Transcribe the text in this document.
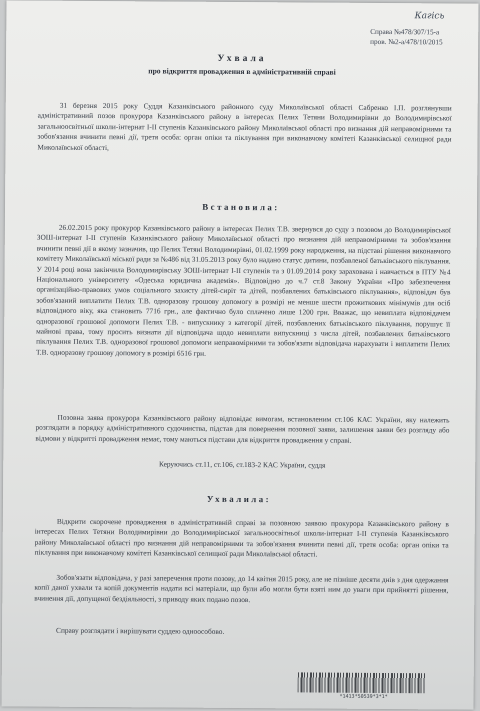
Кагісь
Справа №478/307/15-а
пров. №2-а/478/10/2015
Ухвала
про відкриття провадження в адміністративній справі
31 березня 2015 року Суддя Казанківського районного суду Миколаївської області Сабренко І.П. розглянувши адміністративний позов прокурора Казанківського району в інтересах Пелих Тетяни Володимирівни до Володимирівської загальноосвітньої школи-інтернат І-ІІ ступенів Казанківського району Миколаївської області про визнання дій неправомірними та зобов'язання вчинити певні дії, третя особа: орган опіки та піклування при виконавчому комітеті Казанківської селищної ради Миколаївської області,
Встановила:
26.02.2015 року прокурор Казанківського району в інтересах Пелих Т.В. звернувся до суду з позовом до Володимирівської ЗОШ-інтернат І-ІІ ступенів Казанківського району Миколаївської області про визнання дій неправомірними та зобов'язання вчинити певні дії в якому зазначив, що Пелих Тетяні Володимирівні, 01.02.1999 року народження, на підставі рішення виконавчого комітету Миколаївської міської ради за №486 від 31.05.2013 року було надано статус дитини, позбавленої батьківського піклування. У 2014 році вона закінчила Володимирівську ЗОШ-інтернат І-ІІ ступенів та з 01.09.2014 року зарахована і навчається в ПТУ №4 Національного університету «Одеська юридична академія». Відповідно до ч.7 ст.8 Закону України «Про забезпечення організаційно-правових умов соціального захисту дітей-сиріт та дітей, позбавлених батьківського піклування», відповідач був зобов'язаний виплатити Пелих Т.В. одноразову грошову допомогу в розмірі не менше шести прожиткових мінімумів для осіб відповідного віку, яка становить 7716 грн., але фактично було сплачено лише 1200 грн. Вважає, що невиплата відповідачем одноразової грошової допомоги Пелих Т.В. - випускнику з категорії дітей, позбавлених батьківського піклування, порушує її майнові права, тому просить визнати дії відповідача щодо невиплати випускниці з числа дітей, позбавлених батьківського піклування Пелих Т.В. одноразової грошової допомоги неправомірними та зобов'язати відповідача нарахувати і виплатити Пелих Т.В. одноразову грошову допомогу в розмірі 6516 грн.
Позовна заява прокурора Казанківського району відповідає вимогам, встановленим ст.106 КАС України, яку належить розглядати в порядку адміністративного судочинства, підстав для повернення позовної заяви, залишення заяви без розгляду або відмови у відкритті провадження немає, тому маються підстави для відкриття провадження у справі.
Керуючись ст.11, ст.106, ст.183-2 КАС України, суддя
Ухвалила:
Відкрити скорочене провадження в адміністративній справі за позовною заявою прокурора Казанківського району в інтересах Пелих Тетяни Володимирівни до Володимирівської загальноосвітньої школи-інтернат І-ІІ ступенів Казанківського району Миколаївської області про визнання дій неправомірними та зобов'язання вчинити певні дії, третя особа: орган опіки та піклування при виконавчому комітеті Казанківської селищної ради Миколаївської області.
Зобов'язати відповідача, у разі заперечення проти позову, до 14 квітня 2015 року, але не пізніше десяти днів з дня одержання копії даної ухвали та копій документів надати всі матеріали, що були або могли бути взяті ним до уваги при прийнятті рішення, вчинення дії, допущеної бездіяльності, з приводу яких подано позов.
Справу розглядати і вирішувати суддею одноособово.
*1413*50539*3*1*
